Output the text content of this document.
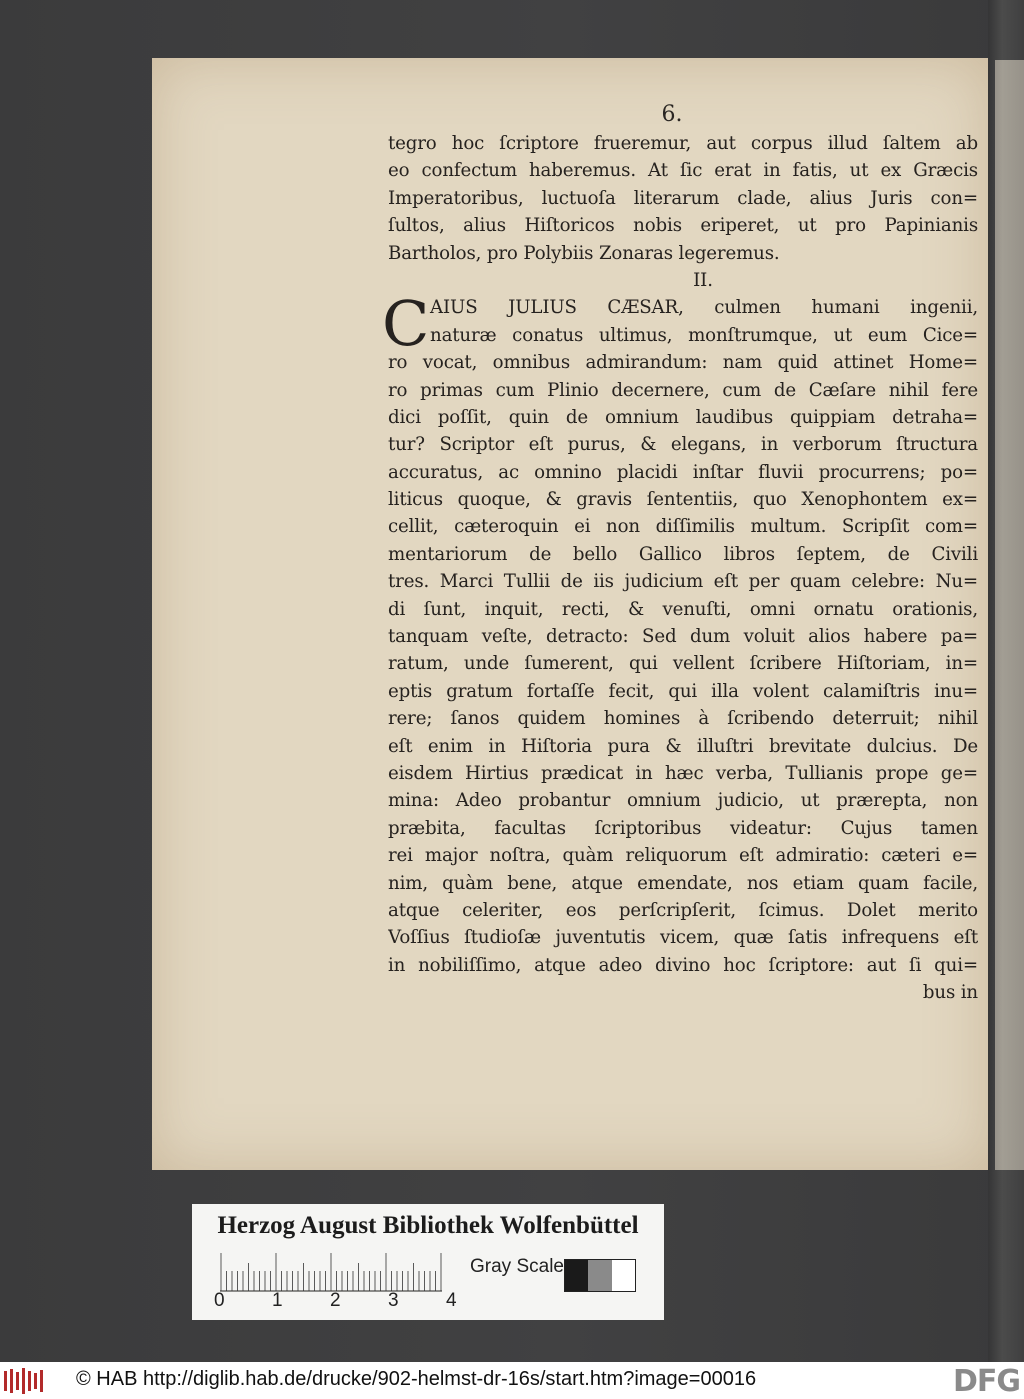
6.
C
tegro hoc ſcriptore frueremur, aut corpus illud ſaltem ab
eo confectum haberemus. At ſic erat in fatis, ut ex Græcis
Imperatoribus, luctuoſa literarum clade, alius Juris con=
ſultos, alius Hiſtoricos nobis eriperet, ut pro Papinianis
Bartholos, pro Polybiis Zonaras legeremus.
II.
AIUS JULIUS CÆSAR, culmen humani ingenii,
naturæ conatus ultimus, monſtrumque, ut eum Cice=
ro vocat, omnibus admirandum: nam quid attinet Home=
ro primas cum Plinio decernere, cum de Cæſare nihil fere
dici poſſit, quin de omnium laudibus quippiam detraha=
tur? Scriptor eſt purus, & elegans, in verborum ſtructura
accuratus, ac omnino placidi inſtar fluvii procurrens; po=
liticus quoque, & gravis ſententiis, quo Xenophontem ex=
cellit, cæteroquin ei non diſſimilis multum. Scripſit com=
mentariorum de bello Gallico libros ſeptem, de Civili
tres. Marci Tullii de iis judicium eſt per quam celebre: Nu=
di ſunt, inquit, recti, & venuſti, omni ornatu orationis,
tanquam veſte, detracto: Sed dum voluit alios habere pa=
ratum, unde ſumerent, qui vellent ſcribere Hiſtoriam, in=
eptis gratum fortaſſe fecit, qui illa volent calamiſtris inu=
rere; ſanos quidem homines à ſcribendo deterruit; nihil
eſt enim in Hiſtoria pura & illuſtri brevitate dulcius. De
eisdem Hirtius prædicat in hæc verba, Tullianis prope ge=
mina: Adeo probantur omnium judicio, ut prærepta, non
præbita, facultas ſcriptoribus videatur: Cujus tamen
rei major noſtra, quàm reliquorum eſt admiratio: cæteri e=
nim, quàm bene, atque emendate, nos etiam quam facile,
atque celeriter, eos perſcripſerit, ſcimus. Dolet merito
Voſſius ſtudioſæ juventutis vicem, quæ ſatis infrequens eſt
in nobiliſſimo, atque adeo divino hoc ſcriptore: aut ſi qui=
bus in
Herzog August Bibliothek Wolfenbüttel
0 1 2 3 4
Gray Scale
© HAB http://diglib.hab.de/drucke/902-helmst-dr-16s/start.htm?image=00016	DFG
